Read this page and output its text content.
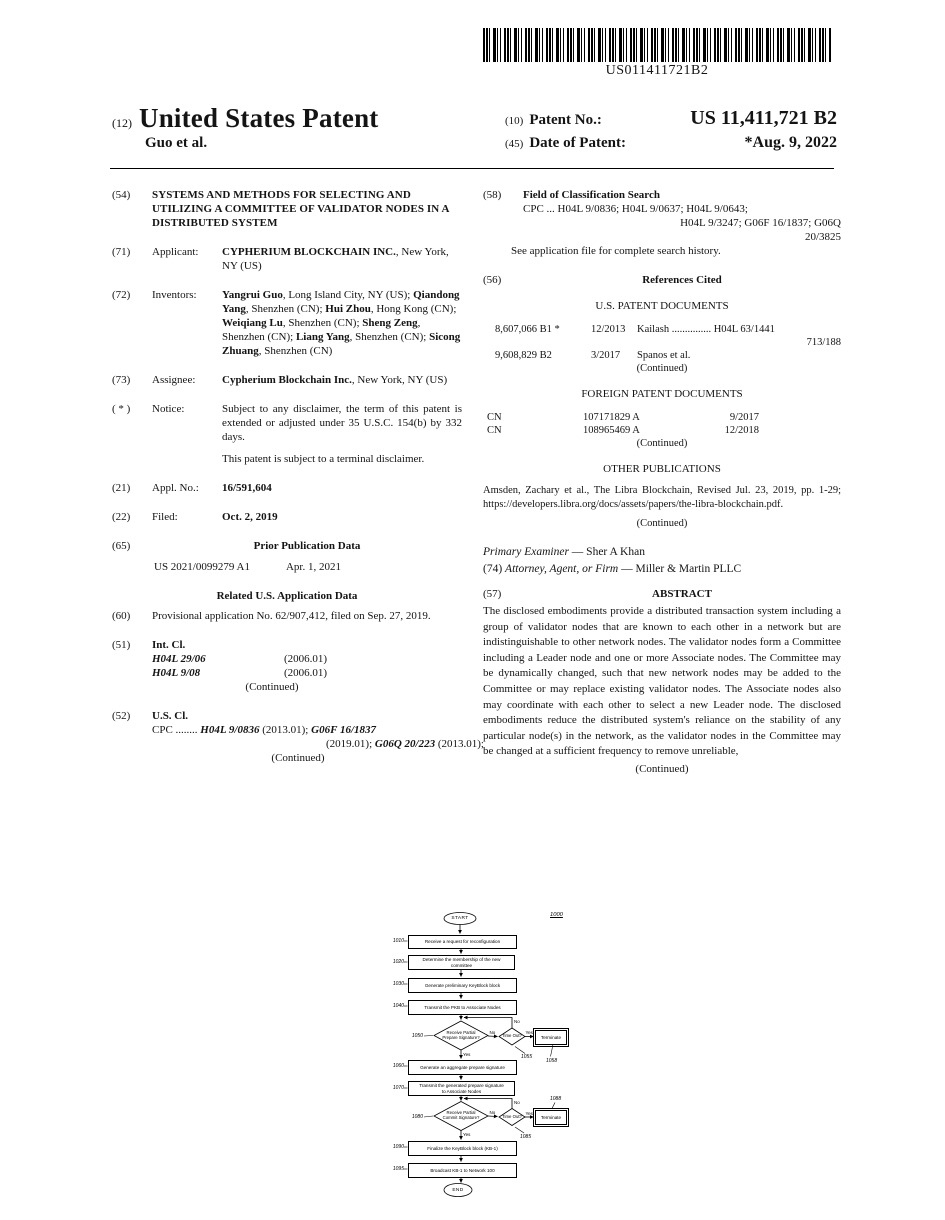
US011411721B2
(12) United States Patent
Guo et al.
(10) Patent No.:	US 11,411,721 B2
(45) Date of Patent:	*Aug. 9, 2022
(54)	SYSTEMS AND METHODS FOR SELECTING AND UTILIZING A COMMITTEE OF VALIDATOR NODES IN A DISTRIBUTED SYSTEM
(71)	Applicant:	CYPHERIUM BLOCKCHAIN INC., New York, NY (US)
(72)	Inventors:	Yangrui Guo, Long Island City, NY (US); Qiandong Yang, Shenzhen (CN); Hui Zhou, Hong Kong (CN); Weiqiang Lu, Shenzhen (CN); Sheng Zeng, Shenzhen (CN); Liang Yang, Shenzhen (CN); Sicong Zhuang, Shenzhen (CN)
(73)	Assignee:	Cypherium Blockchain Inc., New York, NY (US)
( * )	Notice:	Subject to any disclaimer, the term of this patent is extended or adjusted under 35 U.S.C. 154(b) by 332 days.
This patent is subject to a terminal disclaimer.
(21)	Appl. No.:	16/591,604
(22)	Filed:	Oct. 2, 2019
(65)	Prior Publication Data
US 2021/0099279 A1	Apr. 1, 2021
Related U.S. Application Data
(60)	Provisional application No. 62/907,412, filed on Sep. 27, 2019.
(51)	Int. Cl.
H04L 29/06	(2006.01)
H04L 9/08	(2006.01)
(Continued)
(52)	U.S. Cl.
CPC ........ H04L 9/0836 (2013.01); G06F 16/1837
(2019.01); G06Q 20/223 (2013.01);
(Continued)
(58)	Field of Classification Search
CPC ... H04L 9/0836; H04L 9/0637; H04L 9/0643;
H04L 9/3247; G06F 16/1837; G06Q
20/3825
See application file for complete search history.
(56)	References Cited
U.S. PATENT DOCUMENTS
8,607,066 B1 *	12/2013	Kailash ............... H04L 63/1441
713/188
9,608,829 B2	3/2017	Spanos et al.
(Continued)
FOREIGN PATENT DOCUMENTS
CN	107171829 A	9/2017
CN	108965469 A	12/2018
(Continued)
OTHER PUBLICATIONS
Amsden, Zachary et al., The Libra Blockchain, Revised Jul. 23, 2019, pp. 1-29; https://developers.libra.org/docs/assets/papers/the-libra-blockchain.pdf.
(Continued)
Primary Examiner — Sher A Khan
(74) Attorney, Agent, or Firm — Miller & Martin PLLC
(57)	ABSTRACT
The disclosed embodiments provide a distributed transaction system including a group of validator nodes that are known to each other in a network but are indistinguishable to other network nodes. The validator nodes form a Committee including a Leader node and one or more Associate nodes. The Committee may be dynamically changed, such that new network nodes may be added to the Committee or may replace existing validator nodes. The Associate nodes also may coordinate with each other to select a new Leader node. The disclosed embodiments reduce the distributed system's reliance on the stability of any particular node(s) in the network, as the validator nodes in the Committee may be changed at a sufficient frequency to remove unreliable,
(Continued)
1000
START
Receive a request for reconfiguration
Determine the membership of the new committee
Generate preliminary KeyBlock block
Transmit the PKB to Associate Nodes
Receive Partial Prepare Signature?	Time Out?	Terminate
Generate an aggregate prepare signature
Transmit the generated prepare signature to Associate Nodes
Receive Partial Commit Signature?	Time Out?	Terminate
Finalize the KeyBlock block (KB-1)
Broadcast KB-1 to Network 100
END
1010
1020
1030
1040
1050
1055
1058
1060
1070
1080
1085
1088
1090
1095
No
No
Yes
Yes
No
No
Yes
Yes
